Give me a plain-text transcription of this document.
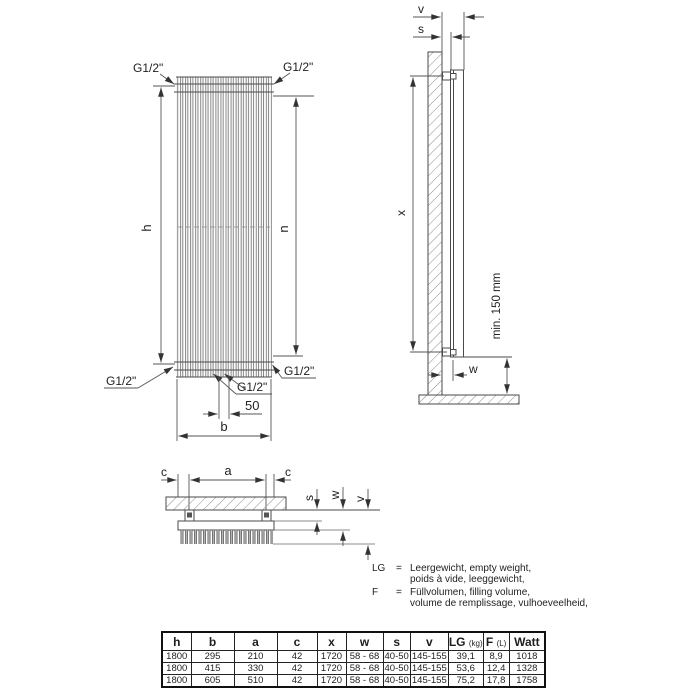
h	n
G1/2"	G1/2"
G1/2"
G1/2"
G1/2"
50
b
v
s
x
min. 150 mm
w
c	a	c
s w v
LG	= Leergewicht, empty weight,
poids à vide, leeggewicht,
F	= Füllvolumen, filling volume,
volume de remplissage, vulhoeveelheid,
h	b	a	c	x	w	s	v	LG (kg)	F (L)	Watt
1800	295	210	42	1720	58 - 68	40-50	145-155	39,1	8,9	1018
1800	415	330	42	1720	58 - 68	40-50	145-155	53,6	12,4	1328
1800	605	510	42	1720	58 - 68	40-50	145-155	75,2	17,8	1758
